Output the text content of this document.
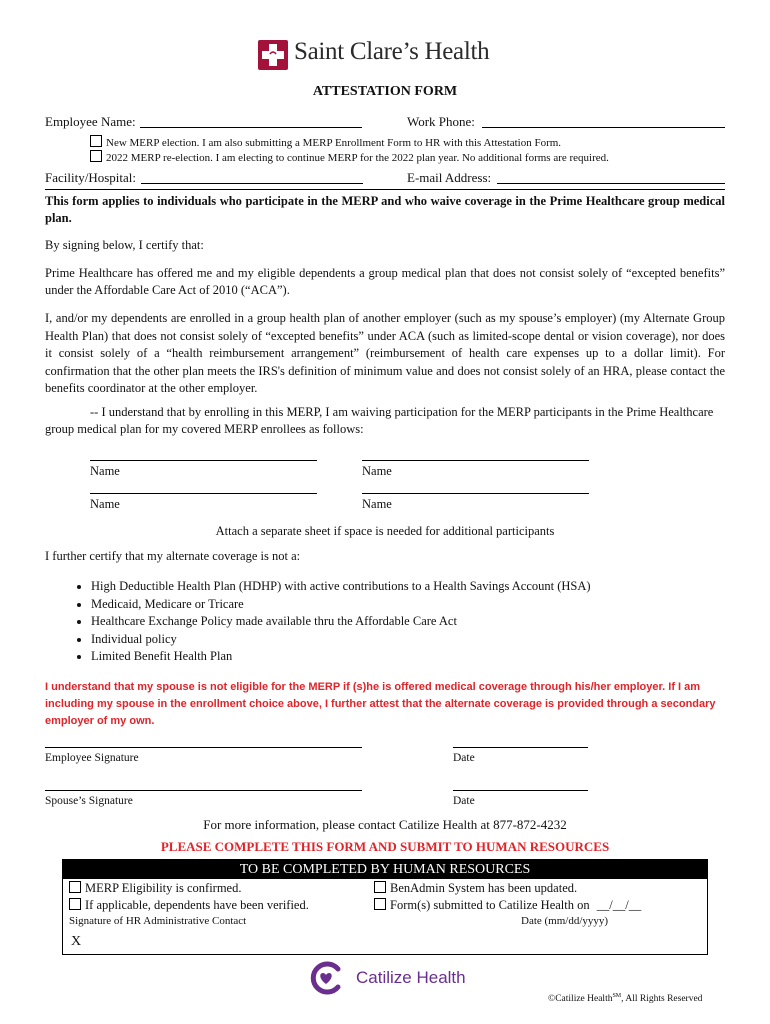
Saint Clare’s Health
ATTESTATION FORM
Employee Name:	Work Phone:
New MERP election. I am also submitting a MERP Enrollment Form to HR with this Attestation Form.
2022 MERP re-election. I am electing to continue MERP for the 2022 plan year. No additional forms are required.
Facility/Hospital:	E-mail Address:
This form applies to individuals who participate in the MERP and who waive coverage in the Prime Healthcare group medical plan.
By signing below, I certify that:
Prime Healthcare has offered me and my eligible dependents a group medical plan that does not consist solely of “excepted benefits” under the Affordable Care Act of 2010 (“ACA”).
I, and/or my dependents are enrolled in a group health plan of another employer (such as my spouse’s employer) (my Alternate Group Health Plan) that does not consist solely of “excepted benefits” under ACA (such as limited-scope dental or vision coverage), nor does it consist solely of a “health reimbursement arrangement” (reimbursement of health care expenses up to a dollar limit). For confirmation that the other plan meets the IRS's definition of minimum value and does not consist solely of an HRA, please contact the benefits coordinator at the other employer.
-- I understand that by enrolling in this MERP, I am waiving participation for the MERP participants in the Prime Healthcare group medical plan for my covered MERP enrollees as follows:
Name	Name
Name	Name
Attach a separate sheet if space is needed for additional participants
I further certify that my alternate coverage is not a:
• High Deductible Health Plan (HDHP) with active contributions to a Health Savings Account (HSA)
• Medicaid, Medicare or Tricare
• Healthcare Exchange Policy made available thru the Affordable Care Act
• Individual policy
• Limited Benefit Health Plan
I understand that my spouse is not eligible for the MERP if (s)he is offered medical coverage through his/her employer. If I am including my spouse in the enrollment choice above, I further attest that the alternate coverage is provided through a secondary employer of my own.
Employee Signature	Date
Spouse’s Signature	Date
For more information, please contact Catilize Health at 877-872-4232
PLEASE COMPLETE THIS FORM AND SUBMIT TO HUMAN RESOURCES
TO BE COMPLETED BY HUMAN RESOURCES
MERP Eligibility is confirmed.	BenAdmin System has been updated.
If applicable, dependents have been verified.	Form(s) submitted to Catilize Health on __/__/__
Signature of HR Administrative Contact	Date (mm/dd/yyyy)
X
Catilize Health
©Catilize Health℠, All Rights Reserved
